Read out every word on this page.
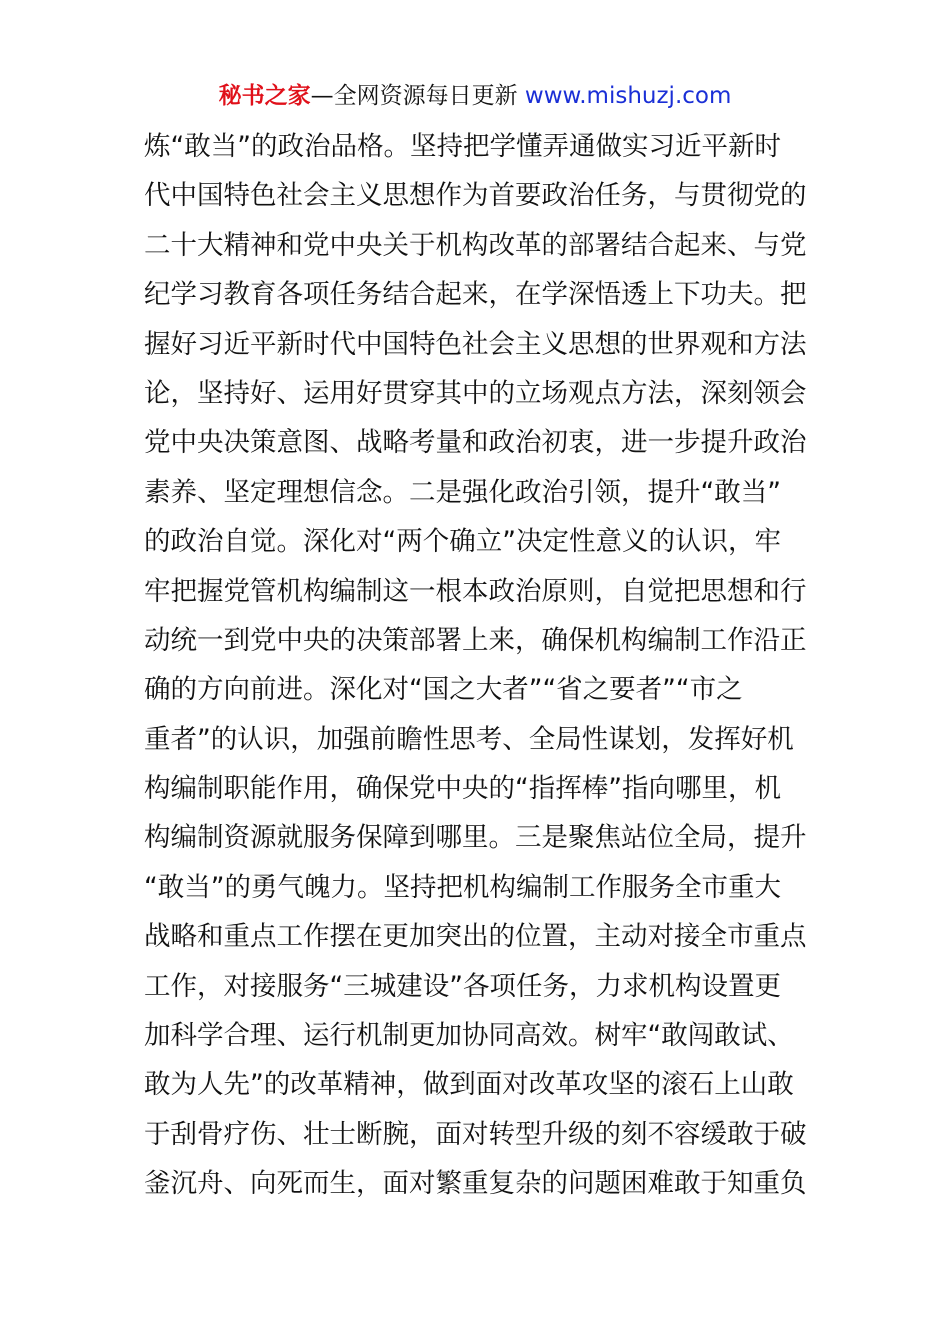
秘书之家—全网资源每日更新 www.mishuzj.com
炼“敢当”的政治品格。坚持把学懂弄通做实习近平新时
代中国特色社会主义思想作为首要政治任务，与贯彻党的
二十大精神和党中央关于机构改革的部署结合起来、与党
纪学习教育各项任务结合起来，在学深悟透上下功夫。把
握好习近平新时代中国特色社会主义思想的世界观和方法
论，坚持好、运用好贯穿其中的立场观点方法，深刻领会
党中央决策意图、战略考量和政治初衷，进一步提升政治
素养、坚定理想信念。二是强化政治引领，提升“敢当”
的政治自觉。深化对“两个确立”决定性意义的认识，牢
牢把握党管机构编制这一根本政治原则，自觉把思想和行
动统一到党中央的决策部署上来，确保机构编制工作沿正
确的方向前进。深化对“国之大者”“省之要者”“市之
重者”的认识，加强前瞻性思考、全局性谋划，发挥好机
构编制职能作用，确保党中央的“指挥棒”指向哪里，机
构编制资源就服务保障到哪里。三是聚焦站位全局，提升
“敢当”的勇气魄力。坚持把机构编制工作服务全市重大
战略和重点工作摆在更加突出的位置，主动对接全市重点
工作，对接服务“三城建设”各项任务，力求机构设置更
加科学合理、运行机制更加协同高效。树牢“敢闯敢试、
敢为人先”的改革精神，做到面对改革攻坚的滚石上山敢
于刮骨疗伤、壮士断腕，面对转型升级的刻不容缓敢于破
釜沉舟、向死而生，面对繁重复杂的问题困难敢于知重负
